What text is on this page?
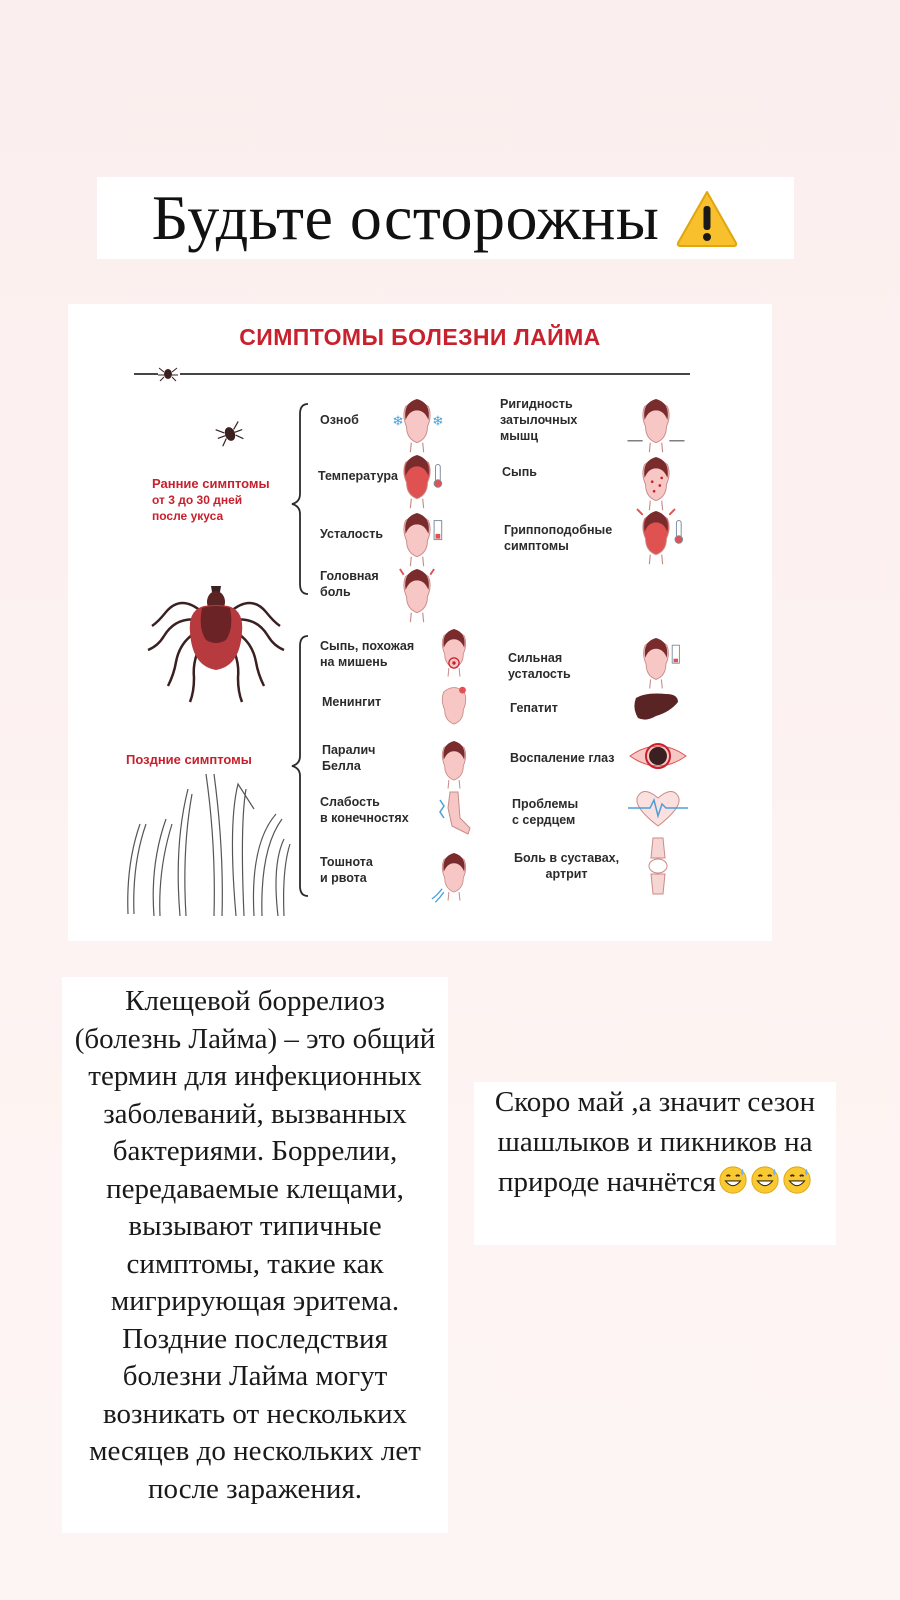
Будьте осторожны
СИМПТОМЫ БОЛЕЗНИ ЛАЙМА
❄ ❄
Ранние симптомы
от 3 до 30 дней
после укуса
Поздние симптомы
Озноб
Температура
Усталость
Головная
боль
Ригидность
затылочных
мышц
Сыпь
Гриппоподобные
симптомы
Сыпь, похожая
на мишень
Менингит
Паралич
Белла
Слабость
в конечностях
Тошнота
и рвота
Сильная
усталость
Гепатит
Воспаление глаз
Проблемы
с сердцем
Боль в суставах,
артрит

Клещевой боррелиоз (болезнь Лайма) – это общий термин для инфекционных заболеваний, вызванных бактериями. Боррелии, передаваемые клещами, вызывают типичные симптомы, такие как мигрирующая эритема. Поздние последствия болезни Лайма могут возникать от нескольких месяцев до нескольких лет после заражения.

Скоро май ,а значит сезон шашлыков и пикников на природе начнётся
